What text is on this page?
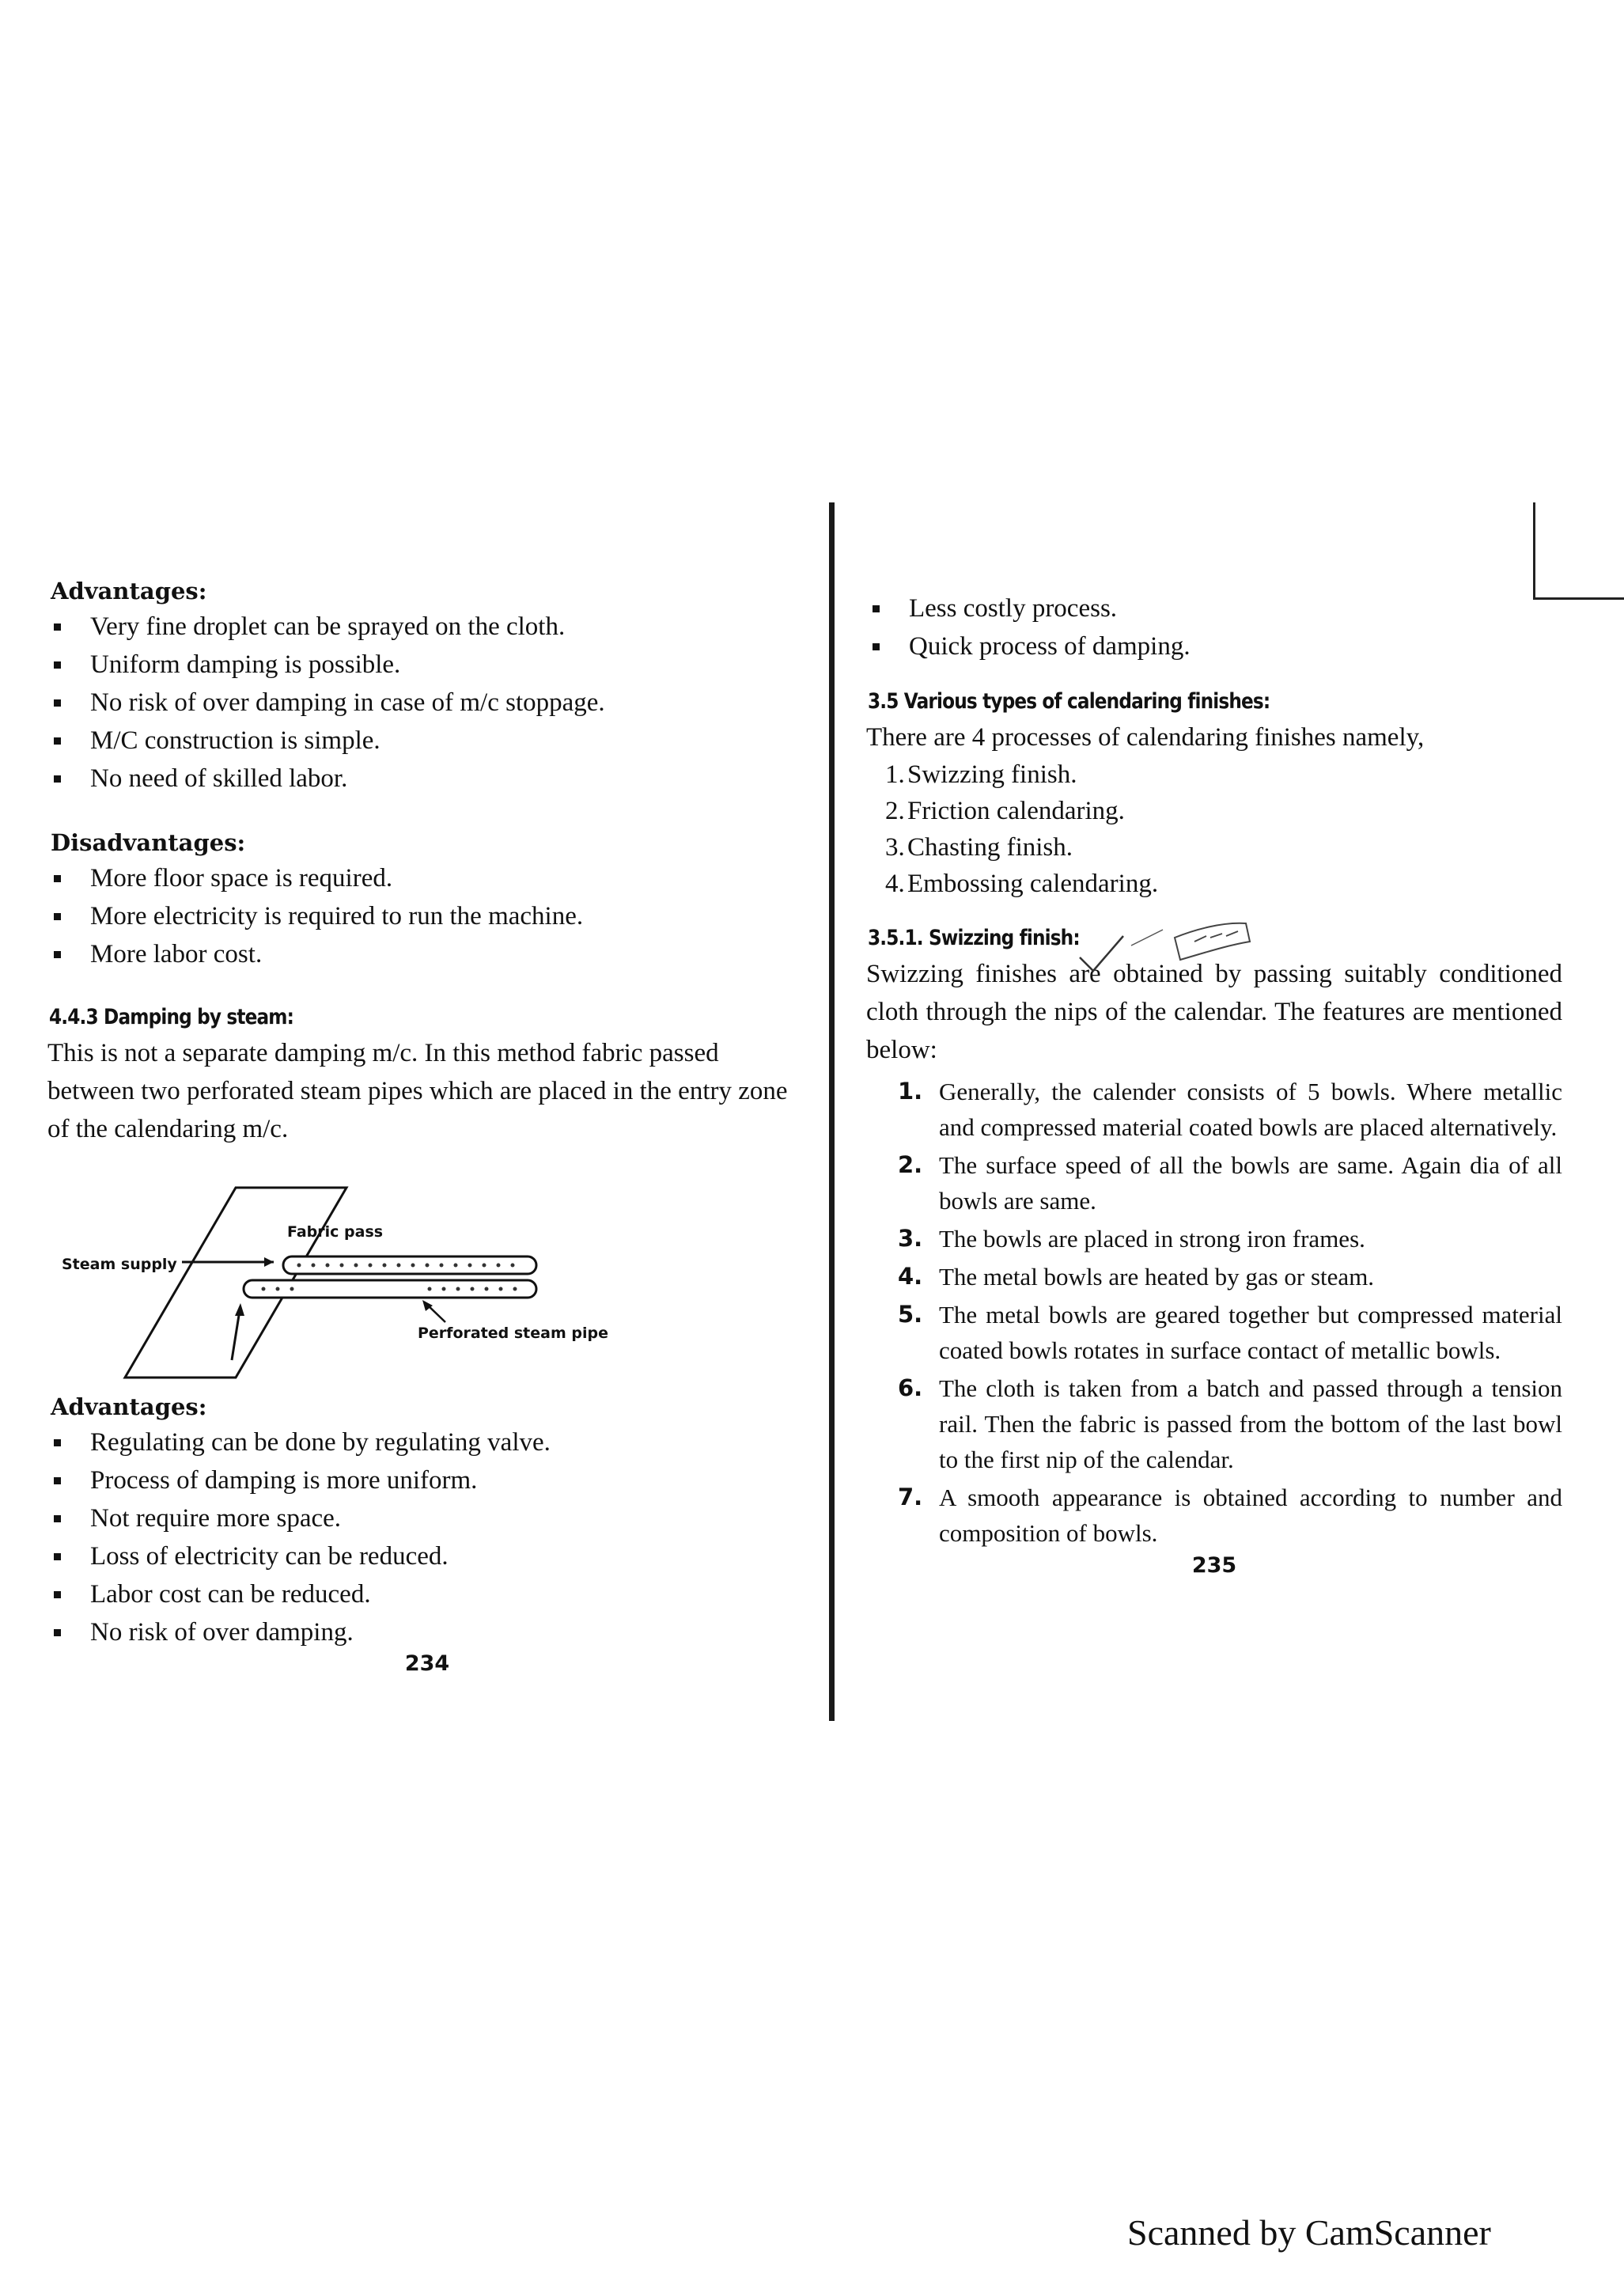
Advantages:
Very fine droplet can be sprayed on the cloth.
Uniform damping is possible.
No risk of over damping in case of m/c stoppage.
M/C construction is simple.
No need of skilled labor.
Disadvantages:
More floor space is required.
More electricity is required to run the machine.
More labor cost.
4.4.3 Damping by steam:

This is not a separate damping m/c. In this method fabric passed between two perforated steam pipes which are placed in the entry zone of the calendaring m/c.

Fabric pass
Steam supply
Perforated steam pipe
Advantages:
Regulating can be done by regulating valve.
Process of damping is more uniform.
Not require more space.
Loss of electricity can be reduced.
Labor cost can be reduced.
No risk of over damping.
234
Less costly process.
Quick process of damping.
3.5 Various types of calendaring finishes:

There are 4 processes of calendaring finishes namely,

1. Swizzing finish.
2. Friction calendaring.
3. Chasting finish.
4. Embossing calendaring.
3.5.1. Swizzing finish:

Swizzing finishes are obtained by passing suitably conditioned cloth through the nips of the calendar. The features are mentioned below:

1. Generally, the calender consists of 5 bowls. Where metallic and compressed material coated bowls are placed alternatively.
2. The surface speed of all the bowls are same. Again dia of all bowls are same.
3. The bowls are placed in strong iron frames.
4. The metal bowls are heated by gas or steam.
5. The metal bowls are geared together but compressed material coated bowls rotates in surface contact of metallic bowls.
6. The cloth is taken from a batch and passed through a tension rail. Then the fabric is passed from the bottom of the last bowl to the first nip of the calendar.
7. A smooth appearance is obtained according to number and composition of bowls.
235
Scanned by CamScanner
